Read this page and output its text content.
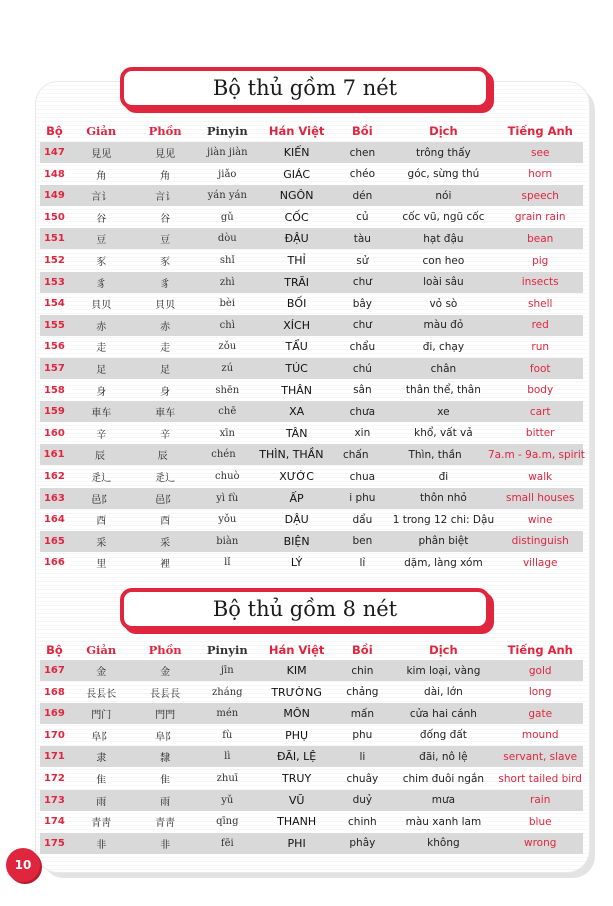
Bộ thủ gồm 7 nét
Bộ	Giản	Phồn	Pinyin	Hán Việt	Bồi	Dịch	Tiếng Anh
147	見见	見见	jiàn jiàn	KIẾN	chen	trông thấy	see
148	角	角	jiǎo	GIÁC	chéo	góc, sừng thú	horn
149	言讠	言讠	yán yán	NGÔN	dén	nói	speech
150	谷	谷	gǔ	CỐC	củ	cốc vũ, ngũ cốc	grain rain
151	豆	豆	dòu	ĐẬU	tàu	hạt đậu	bean
152	豕	豕	shǐ	THỈ	sử	con heo	pig
153	豸	豸	zhì	TRÃI	chư	loài sâu	insects
154	貝贝	貝贝	bèi	BỐI	bây	vỏ sò	shell
155	赤	赤	chì	XÍCH	chư	màu đỏ	red
156	走	走	zǒu	TẨU	chẩu	đi, chạy	run
157	足	足	zú	TÚC	chú	chân	foot
158	身	身	shēn	THÂN	sân	thân thể, thân	body
159	車车	車车	chē	XA	chưa	xe	cart
160	辛	辛	xīn	TÂN	xin	khổ, vất vả	bitter
161	辰	辰	chén	THÌN, THẦN	chấn	Thìn, thần	7a.m - 9a.m, spirit
162	辵辶	辵辶	chuò	XƯỚC	chua	đi	walk
163	邑阝	邑阝	yì fù	ẤP	i phu	thôn nhỏ	small houses
164	酉	酉	yǒu	DẬU	dẩu	1 trong 12 chi: Dậu	wine
165	采	采	biàn	BIỆN	ben	phân biệt	distinguish
166	里	裡	lǐ	LÝ	lỉ	dặm, làng xóm	village
Bộ thủ gồm 8 nét
Bộ	Giản	Phồn	Pinyin	Hán Việt	Bồi	Dịch	Tiếng Anh
167	金	金	jīn	KIM	chin	kim loại, vàng	gold
168	長镸长	長镸長	zháng	TRƯỜNG	chảng	dài, lớn	long
169	門门	門門	mén	MÔN	mấn	cửa hai cánh	gate
170	阜阝	阜阝	fù	PHỤ	phu	đống đất	mound
171	隶	隸	lì	ĐÃI, LỆ	li	đãi, nô lệ	servant, slave
172	隹	隹	zhuī	TRUY	chuây	chim đuôi ngắn	short tailed bird
173	雨	雨	yǔ	VŨ	duỷ	mưa	rain
174	青靑	青靑	qīng	THANH	chinh	màu xanh lam	blue
175	非	非	fēi	PHI	phây	không	wrong
10
